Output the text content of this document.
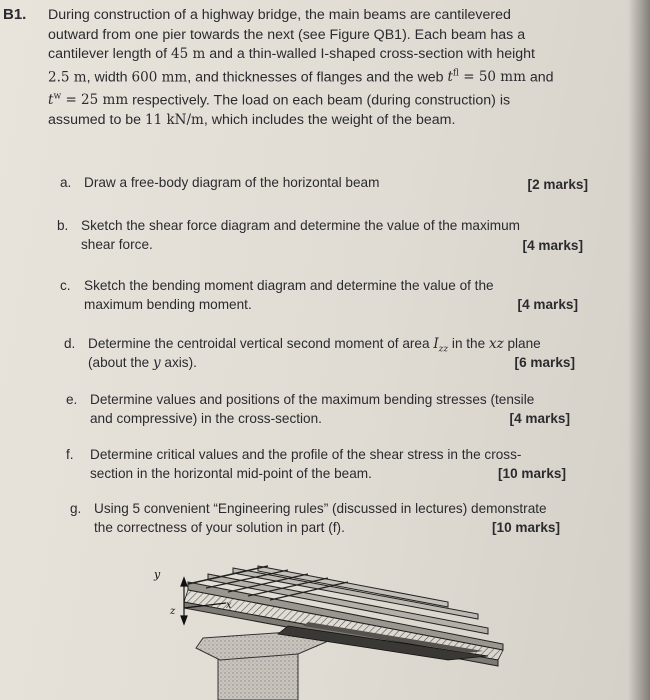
B1. During construction of a highway bridge, the main beams are cantilevered
outward from one pier towards the next (see Figure QB1). Each beam has a
cantilever length of 45 m and a thin-walled I-shaped cross-section with height
2.5 m, width 600 mm, and thicknesses of flanges and the web $t^{fl} = 50$ mm and
$t^w = 25$ mm respectively. The load on each beam (during construction) is
assumed to be 11 kN/m, which includes the weight of the beam.
a. Draw a free-body diagram of the horizontal beam	[2 marks]
b. Sketch the shear force diagram and determine the value of the maximum
shear force.	[4 marks]
c. Sketch the bending moment diagram and determine the value of the
maximum bending moment.	[4 marks]
d. Determine the centroidal vertical second moment of area $I_{zz}$ in the xz plane
(about the y axis).	[6 marks]
e. Determine values and positions of the maximum bending stresses (tensile
and compressive) in the cross-section.	[4 marks]
f. Determine critical values and the profile of the shear stress in the cross-
section in the horizontal mid-point of the beam.	[10 marks]
g. Using 5 convenient “Engineering rules” (discussed in lectures) demonstrate
the correctness of your solution in part (f).	[10 marks]
y
z
x
